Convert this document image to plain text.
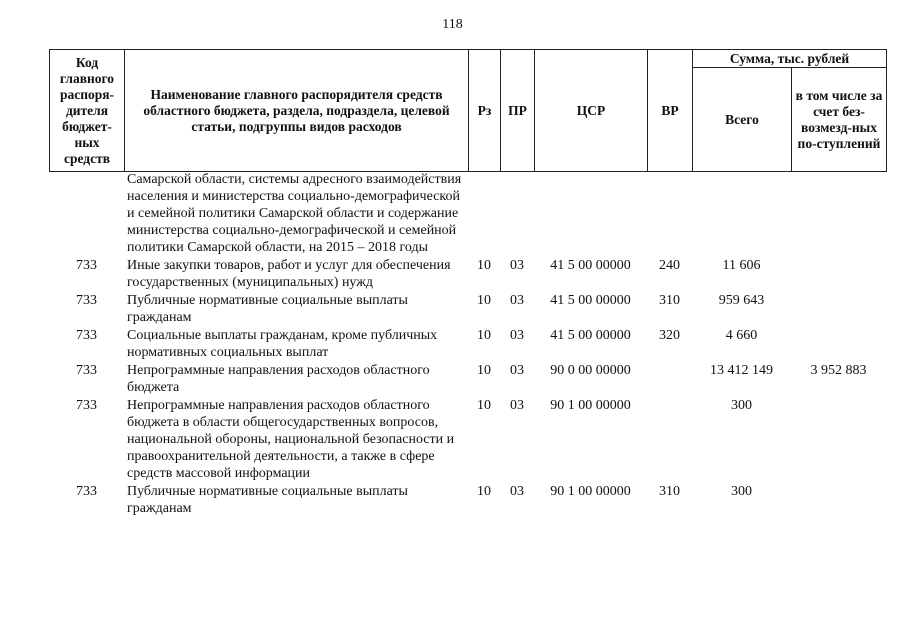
118
Код главного распоря-дителя бюджет-ных средств	Наименование главного распорядителя средств областного бюджета, раздела, подраздела, целевой статьи, подгруппы видов расходов	Рз	ПР	ЦСР	ВР	Сумма, тыс. рублей	
						Всего	в том числе за счет без-возмезд-ных по-ступлений
	Самарской области, системы адресного взаимодействия населения и министерства социально-демографической и семейной политики Самарской области и содержание министерства социально-демографической и семейной политики Самарской области, на 2015 – 2018 годы						
733	Иные закупки товаров, работ и услуг для обеспечения государственных (муниципальных) нужд	10	03	41 5 00 00000	240	11 606	
733	Публичные нормативные социальные выплаты гражданам	10	03	41 5 00 00000	310	959 643	
733	Социальные выплаты гражданам, кроме публичных нормативных социальных выплат	10	03	41 5 00 00000	320	4 660	
733	Непрограммные направления расходов областного бюджета	10	03	90 0 00 00000		13 412 149	3 952 883
733	Непрограммные направления расходов областного бюджета в области общегосударственных вопросов, национальной обороны, национальной безопасности и правоохранительной деятельности, а также в сфере средств массовой информации	10	03	90 1 00 00000		300	
733	Публичные нормативные социальные выплаты гражданам	10	03	90 1 00 00000	310	300	
